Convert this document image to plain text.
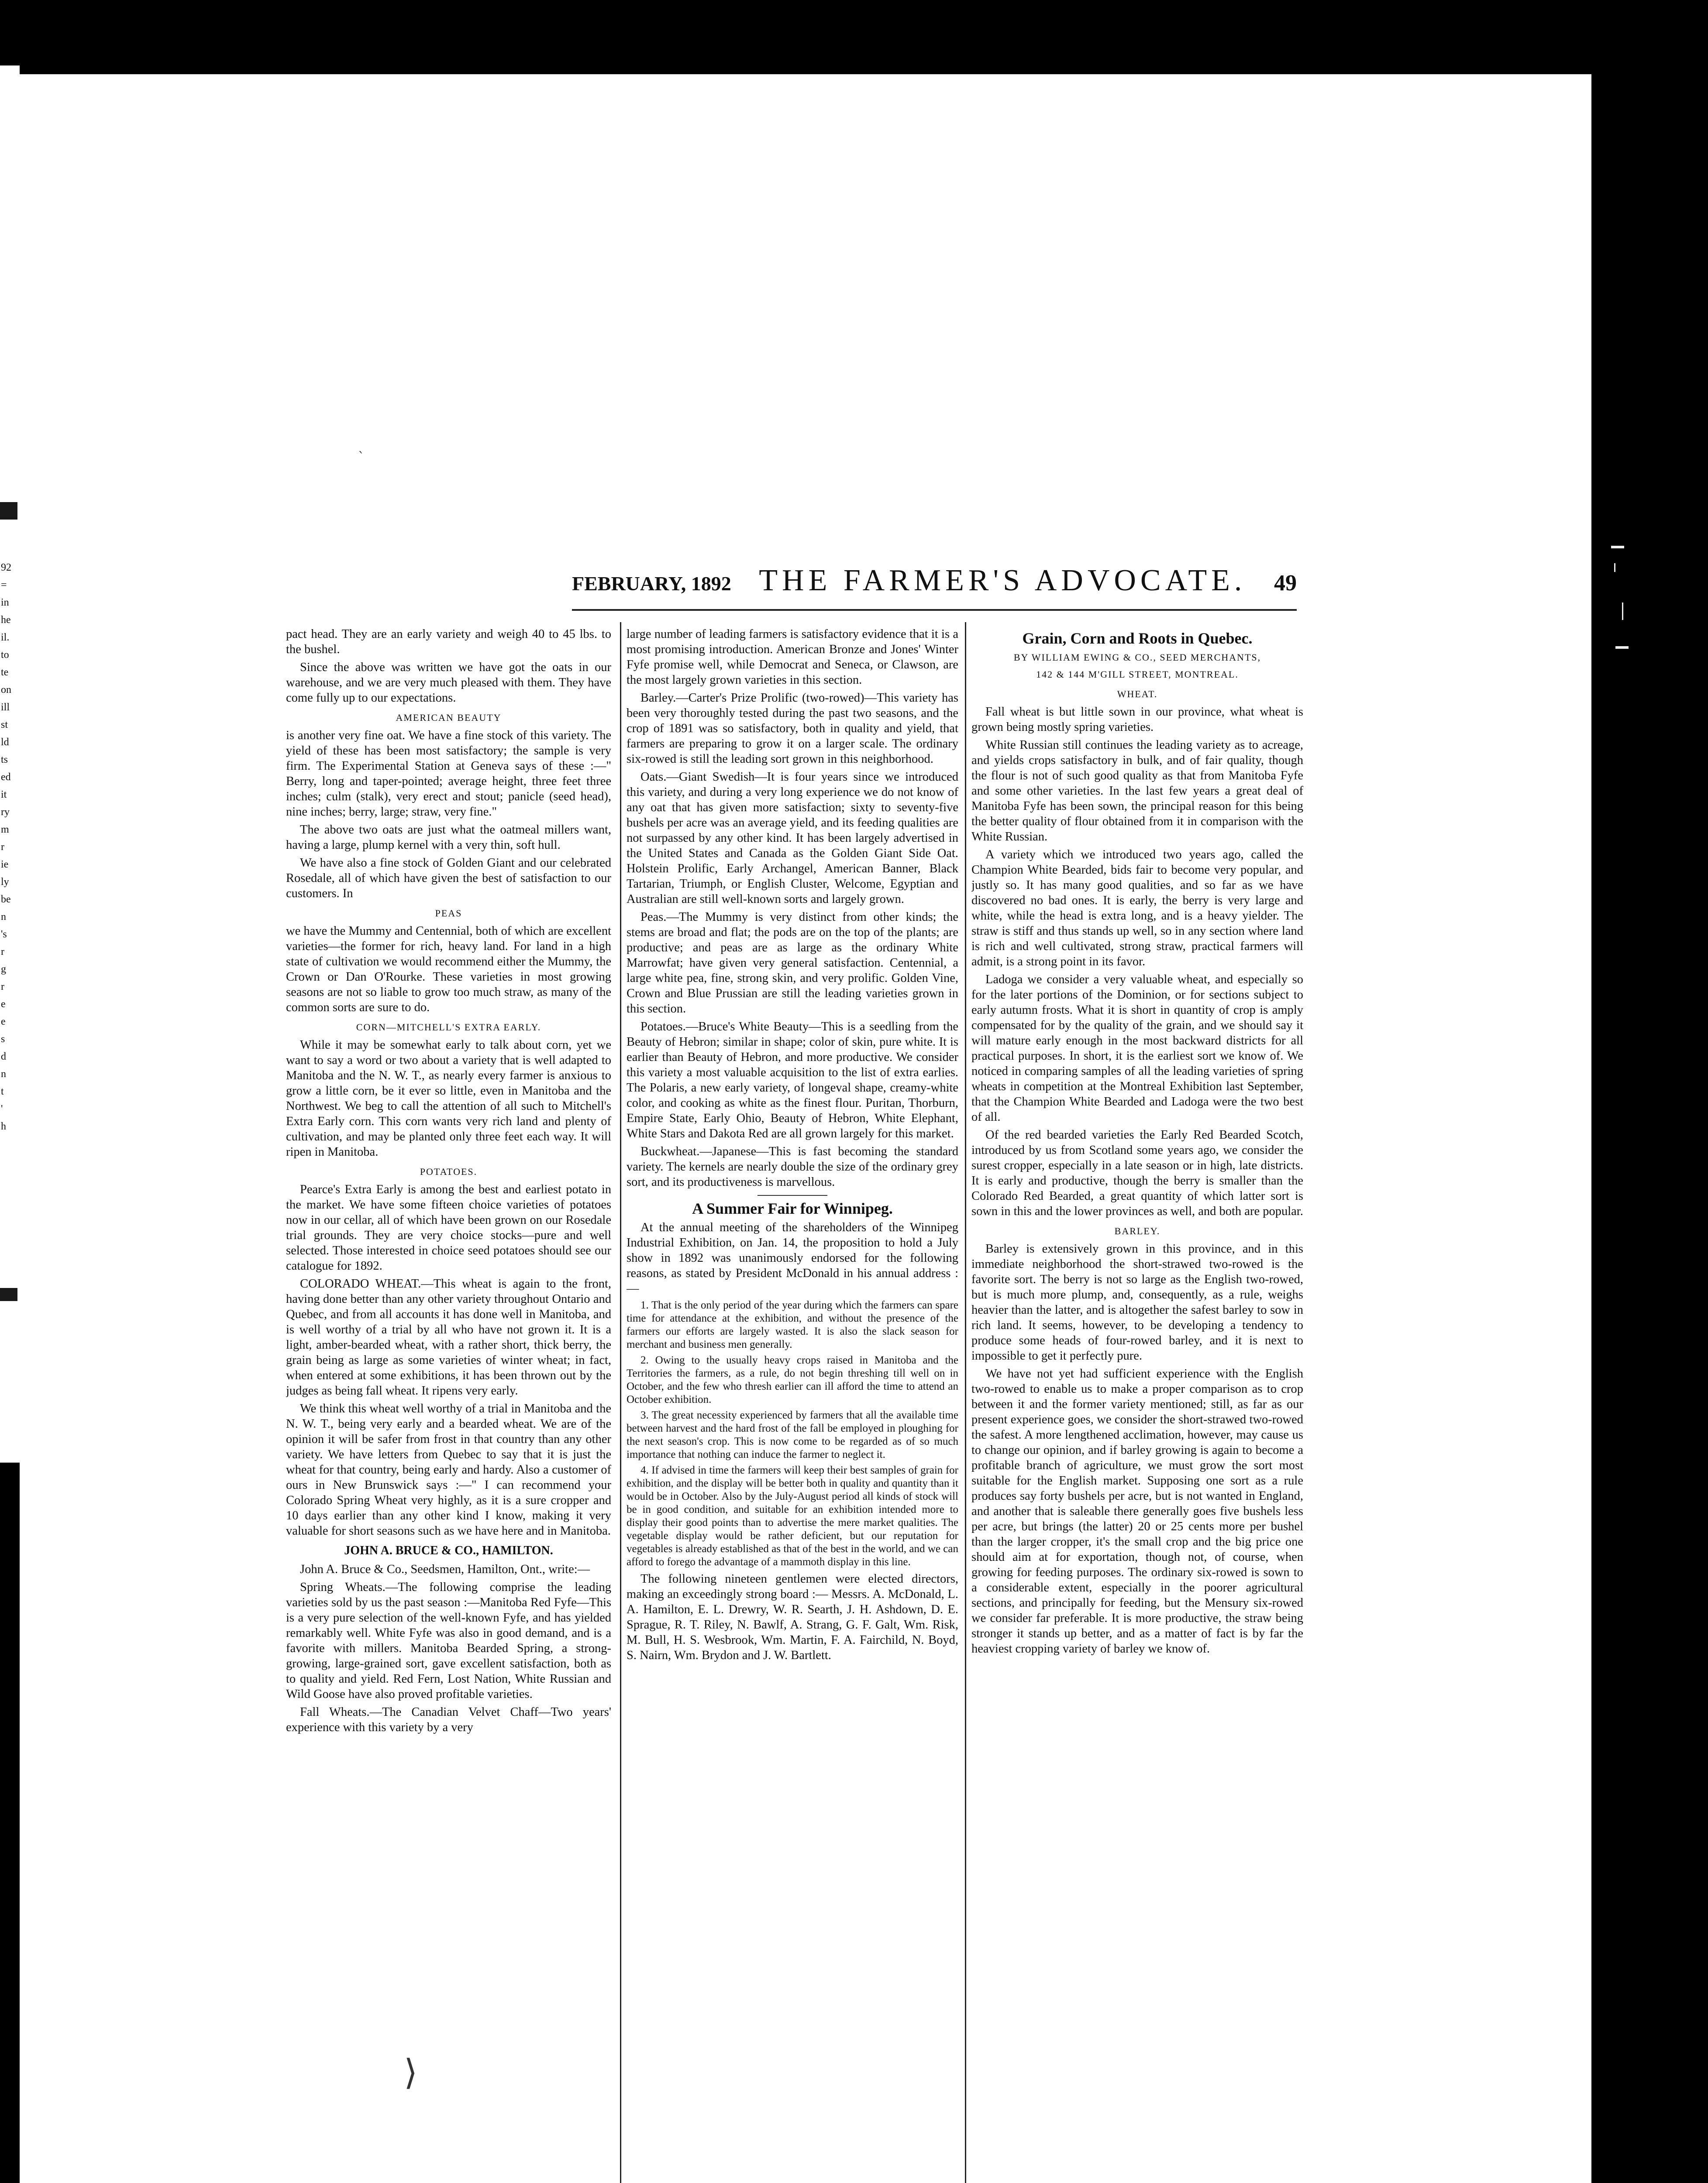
92
=
in
he
il.
to
te
on
ill
st
ld
ts
ed
it
ry
m
r
ie
ly
be
n
's
r
g
r
e
e
s
d
n
t
'
h
FEBRUARY, 1892 THE FARMER'S ADVOCATE. 49

pact head. They are an early variety and weigh 40 to 45 lbs. to the bushel.

Since the above was written we have got the oats in our warehouse, and we are very much pleased with them. They have come fully up to our expectations.

AMERICAN BEAUTY

is another very fine oat. We have a fine stock of this variety. The yield of these has been most satisfactory; the sample is very firm. The Experimental Station at Geneva says of these :—" Berry, long and taper-pointed; average height, three feet three inches; culm (stalk), very erect and stout; panicle (seed head), nine inches; berry, large; straw, very fine."

The above two oats are just what the oatmeal millers want, having a large, plump kernel with a very thin, soft hull.

We have also a fine stock of Golden Giant and our celebrated Rosedale, all of which have given the best of satisfaction to our customers. In

PEAS

we have the Mummy and Centennial, both of which are excellent varieties—the former for rich, heavy land. For land in a high state of cultivation we would recommend either the Mummy, the Crown or Dan O'Rourke. These varieties in most growing seasons are not so liable to grow too much straw, as many of the common sorts are sure to do.

CORN—MITCHELL'S EXTRA EARLY.

While it may be somewhat early to talk about corn, yet we want to say a word or two about a variety that is well adapted to Manitoba and the N. W. T., as nearly every farmer is anxious to grow a little corn, be it ever so little, even in Manitoba and the Northwest. We beg to call the attention of all such to Mitchell's Extra Early corn. This corn wants very rich land and plenty of cultivation, and may be planted only three feet each way. It will ripen in Manitoba.

POTATOES.

Pearce's Extra Early is among the best and earliest potato in the market. We have some fifteen choice varieties of potatoes now in our cellar, all of which have been grown on our Rosedale trial grounds. They are very choice stocks—pure and well selected. Those interested in choice seed potatoes should see our catalogue for 1892.

COLORADO WHEAT.—This wheat is again to the front, having done better than any other variety throughout Ontario and Quebec, and from all accounts it has done well in Manitoba, and is well worthy of a trial by all who have not grown it. It is a light, amber-bearded wheat, with a rather short, thick berry, the grain being as large as some varieties of winter wheat; in fact, when entered at some exhibitions, it has been thrown out by the judges as being fall wheat. It ripens very early.

We think this wheat well worthy of a trial in Manitoba and the N. W. T., being very early and a bearded wheat. We are of the opinion it will be safer from frost in that country than any other variety. We have letters from Quebec to say that it is just the wheat for that country, being early and hardy. Also a customer of ours in New Brunswick says :—" I can recommend your Colorado Spring Wheat very highly, as it is a sure cropper and 10 days earlier than any other kind I know, making it very valuable for short seasons such as we have here and in Manitoba.

JOHN A. BRUCE & CO., HAMILTON.

John A. Bruce & Co., Seedsmen, Hamilton, Ont., write:—

Spring Wheats.—The following comprise the leading varieties sold by us the past season :—Manitoba Red Fyfe—This is a very pure selection of the well-known Fyfe, and has yielded remarkably well. White Fyfe was also in good demand, and is a favorite with millers. Manitoba Bearded Spring, a strong-growing, large-grained sort, gave excellent satisfaction, both as to quality and yield. Red Fern, Lost Nation, White Russian and Wild Goose have also proved profitable varieties.

Fall Wheats.—The Canadian Velvet Chaff—Two years' experience with this variety by a very

large number of leading farmers is satisfactory evidence that it is a most promising introduction. American Bronze and Jones' Winter Fyfe promise well, while Democrat and Seneca, or Clawson, are the most largely grown varieties in this section.

Barley.—Carter's Prize Prolific (two-rowed)—This variety has been very thoroughly tested during the past two seasons, and the crop of 1891 was so satisfactory, both in quality and yield, that farmers are preparing to grow it on a larger scale. The ordinary six-rowed is still the leading sort grown in this neighborhood.

Oats.—Giant Swedish—It is four years since we introduced this variety, and during a very long experience we do not know of any oat that has given more satisfaction; sixty to seventy-five bushels per acre was an average yield, and its feeding qualities are not surpassed by any other kind. It has been largely advertised in the United States and Canada as the Golden Giant Side Oat. Holstein Prolific, Early Archangel, American Banner, Black Tartarian, Triumph, or English Cluster, Welcome, Egyptian and Australian are still well-known sorts and largely grown.

Peas.—The Mummy is very distinct from other kinds; the stems are broad and flat; the pods are on the top of the plants; are productive; and peas are as large as the ordinary White Marrowfat; have given very general satisfaction. Centennial, a large white pea, fine, strong skin, and very prolific. Golden Vine, Crown and Blue Prussian are still the leading varieties grown in this section.

Potatoes.—Bruce's White Beauty—This is a seedling from the Beauty of Hebron; similar in shape; color of skin, pure white. It is earlier than Beauty of Hebron, and more productive. We consider this variety a most valuable acquisition to the list of extra earlies. The Polaris, a new early variety, of longeval shape, creamy-white color, and cooking as white as the finest flour. Puritan, Thorburn, Empire State, Early Ohio, Beauty of Hebron, White Elephant, White Stars and Dakota Red are all grown largely for this market.

Buckwheat.—Japanese—This is fast becoming the standard variety. The kernels are nearly double the size of the ordinary grey sort, and its productiveness is marvellous.

A Summer Fair for Winnipeg.

At the annual meeting of the shareholders of the Winnipeg Industrial Exhibition, on Jan. 14, the proposition to hold a July show in 1892 was unanimously endorsed for the following reasons, as stated by President McDonald in his annual address :—

1. That is the only period of the year during which the farmers can spare time for attendance at the exhibition, and without the presence of the farmers our efforts are largely wasted. It is also the slack season for merchant and business men generally.

2. Owing to the usually heavy crops raised in Manitoba and the Territories the farmers, as a rule, do not begin threshing till well on in October, and the few who thresh earlier can ill afford the time to attend an October exhibition.

3. The great necessity experienced by farmers that all the available time between harvest and the hard frost of the fall be employed in ploughing for the next season's crop. This is now come to be regarded as of so much importance that nothing can induce the farmer to neglect it.

4. If advised in time the farmers will keep their best samples of grain for exhibition, and the display will be better both in quality and quantity than it would be in October. Also by the July-August period all kinds of stock will be in good condition, and suitable for an exhibition intended more to display their good points than to advertise the mere market qualities. The vegetable display would be rather deficient, but our reputation for vegetables is already established as that of the best in the world, and we can afford to forego the advantage of a mammoth display in this line.

The following nineteen gentlemen were elected directors, making an exceedingly strong board :— Messrs. A. McDonald, L. A. Hamilton, E. L. Drewry, W. R. Searth, J. H. Ashdown, D. E. Sprague, R. T. Riley, N. Bawlf, A. Strang, G. F. Galt, Wm. Risk, M. Bull, H. S. Wesbrook, Wm. Martin, F. A. Fairchild, N. Boyd, S. Nairn, Wm. Brydon and J. W. Bartlett.

Grain, Corn and Roots in Quebec.
BY WILLIAM EWING & CO., SEED MERCHANTS,
142 & 144 M'GILL STREET, MONTREAL.
WHEAT.

Fall wheat is but little sown in our province, what wheat is grown being mostly spring varieties.

White Russian still continues the leading variety as to acreage, and yields crops satisfactory in bulk, and of fair quality, though the flour is not of such good quality as that from Manitoba Fyfe and some other varieties. In the last few years a great deal of Manitoba Fyfe has been sown, the principal reason for this being the better quality of flour obtained from it in comparison with the White Russian.

A variety which we introduced two years ago, called the Champion White Bearded, bids fair to become very popular, and justly so. It has many good qualities, and so far as we have discovered no bad ones. It is early, the berry is very large and white, while the head is extra long, and is a heavy yielder. The straw is stiff and thus stands up well, so in any section where land is rich and well cultivated, strong straw, practical farmers will admit, is a strong point in its favor.

Ladoga we consider a very valuable wheat, and especially so for the later portions of the Dominion, or for sections subject to early autumn frosts. What it is short in quantity of crop is amply compensated for by the quality of the grain, and we should say it will mature early enough in the most backward districts for all practical purposes. In short, it is the earliest sort we know of. We noticed in comparing samples of all the leading varieties of spring wheats in competition at the Montreal Exhibition last September, that the Champion White Bearded and Ladoga were the two best of all.

Of the red bearded varieties the Early Red Bearded Scotch, introduced by us from Scotland some years ago, we consider the surest cropper, especially in a late season or in high, late districts. It is early and productive, though the berry is smaller than the Colorado Red Bearded, a great quantity of which latter sort is sown in this and the lower provinces as well, and both are popular.

BARLEY.

Barley is extensively grown in this province, and in this immediate neighborhood the short-strawed two-rowed is the favorite sort. The berry is not so large as the English two-rowed, but is much more plump, and, consequently, as a rule, weighs heavier than the latter, and is altogether the safest barley to sow in rich land. It seems, however, to be developing a tendency to produce some heads of four-rowed barley, and it is next to impossible to get it perfectly pure.

We have not yet had sufficient experience with the English two-rowed to enable us to make a proper comparison as to crop between it and the former variety mentioned; still, as far as our present experience goes, we consider the short-strawed two-rowed the safest. A more lengthened acclimation, however, may cause us to change our opinion, and if barley growing is again to become a profitable branch of agriculture, we must grow the sort most suitable for the English market. Supposing one sort as a rule produces say forty bushels per acre, but is not wanted in England, and another that is saleable there generally goes five bushels less per acre, but brings (the latter) 20 or 25 cents more per bushel than the larger cropper, it's the small crop and the big price one should aim at for exportation, though not, of course, when growing for feeding purposes. The ordinary six-rowed is sown to a considerable extent, especially in the poorer agricultural sections, and principally for feeding, but the Mensury six-rowed we consider far preferable. It is more productive, the straw being stronger it stands up better, and as a matter of fact is by far the heaviest cropping variety of barley we know of.

⟩
ˋ
